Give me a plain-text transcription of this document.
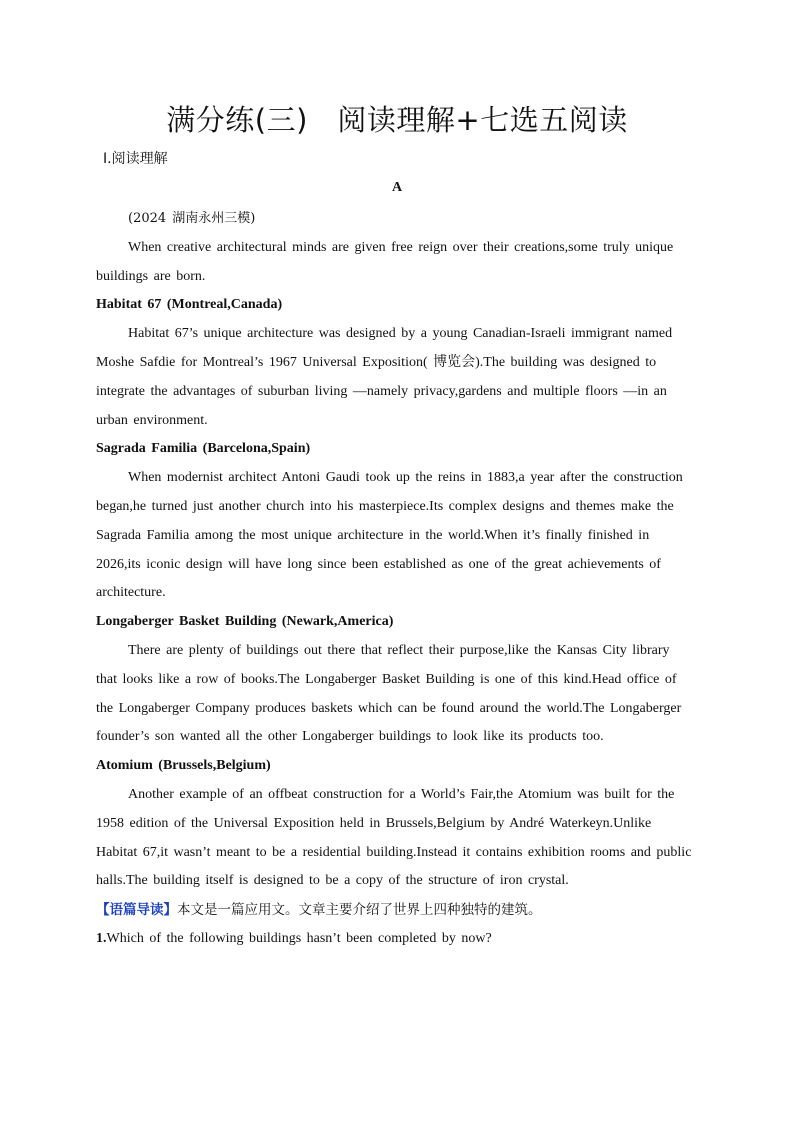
满分练(三)　阅读理解+七选五阅读
Ⅰ.阅读理解
A

(2024 湖南永州三模)

When creative architectural minds are given free reign over their creations,some truly unique buildings are born.

Habitat 67 (Montreal,Canada)

Habitat 67’s unique architecture was designed by a young Canadian-Israeli immigrant named Moshe Safdie for Montreal’s 1967 Universal Exposition( 博览会).The building was designed to integrate the advantages of suburban living —namely privacy,gardens and multiple floors —in an urban environment.

Sagrada Familia (Barcelona,Spain)

When modernist architect Antoni Gaudi took up the reins in 1883,a year after the construction began,he turned just another church into his masterpiece.Its complex designs and themes make the Sagrada Familia among the most unique architecture in the world.When it’s finally finished in 2026,its iconic design will have long since been established as one of the great achievements of architecture.

Longaberger Basket Building (Newark,America)

There are plenty of buildings out there that reflect their purpose,like the Kansas City library that looks like a row of books.The Longaberger Basket Building is one of this kind.Head office of the Longaberger Company produces baskets which can be found around the world.The Longaberger founder’s son wanted all the other Longaberger buildings to look like its products too.

Atomium (Brussels,Belgium)

Another example of an offbeat construction for a World’s Fair,the Atomium was built for the 1958 edition of the Universal Exposition held in Brussels,Belgium by André Waterkeyn.Unlike Habitat 67,it wasn’t meant to be a residential building.Instead it contains exhibition rooms and public halls.The building itself is designed to be a copy of the structure of iron crystal.

【语篇导读】本文是一篇应用文。文章主要介绍了世界上四种独特的建筑。

1.Which of the following buildings hasn’t been completed by now?
